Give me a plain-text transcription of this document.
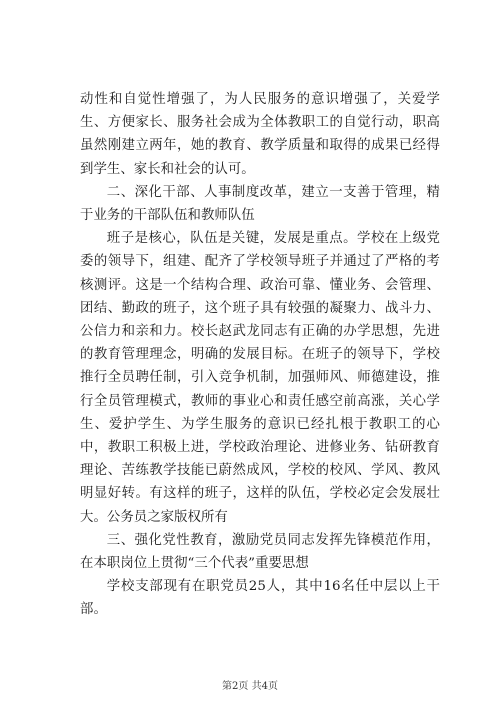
动性和自觉性增强了，为人民服务的意识增强了，关爱学生、方便家长、服务社会成为全体教职工的自觉行动，职高虽然刚建立两年，她的教育、教学质量和取得的成果已经得到学生、家长和社会的认可。

二、深化干部、人事制度改革，建立一支善于管理，精于业务的干部队伍和教师队伍

班子是核心，队伍是关键，发展是重点。学校在上级党委的领导下，组建、配齐了学校领导班子并通过了严格的考核测评。这是一个结构合理、政治可靠、懂业务、会管理、团结、勤政的班子，这个班子具有较强的凝聚力、战斗力、公信力和亲和力。校长赵武龙同志有正确的办学思想，先进的教育管理理念，明确的发展目标。在班子的领导下，学校推行全员聘任制，引入竞争机制，加强师风、师德建设，推行全员管理模式，教师的事业心和责任感空前高涨，关心学生、爱护学生、为学生服务的意识已经扎根于教职工的心中，教职工积极上进，学校政治理论、进修业务、钻研教育理论、苦练教学技能已蔚然成风，学校的校风、学风、教风明显好转。有这样的班子，这样的队伍，学校必定会发展壮大。公务员之家版权所有

三、强化党性教育，激励党员同志发挥先锋模范作用，在本职岗位上贯彻“三个代表”重要思想

学校支部现有在职党员25人，其中16名任中层以上干部。

第2页 共4页
